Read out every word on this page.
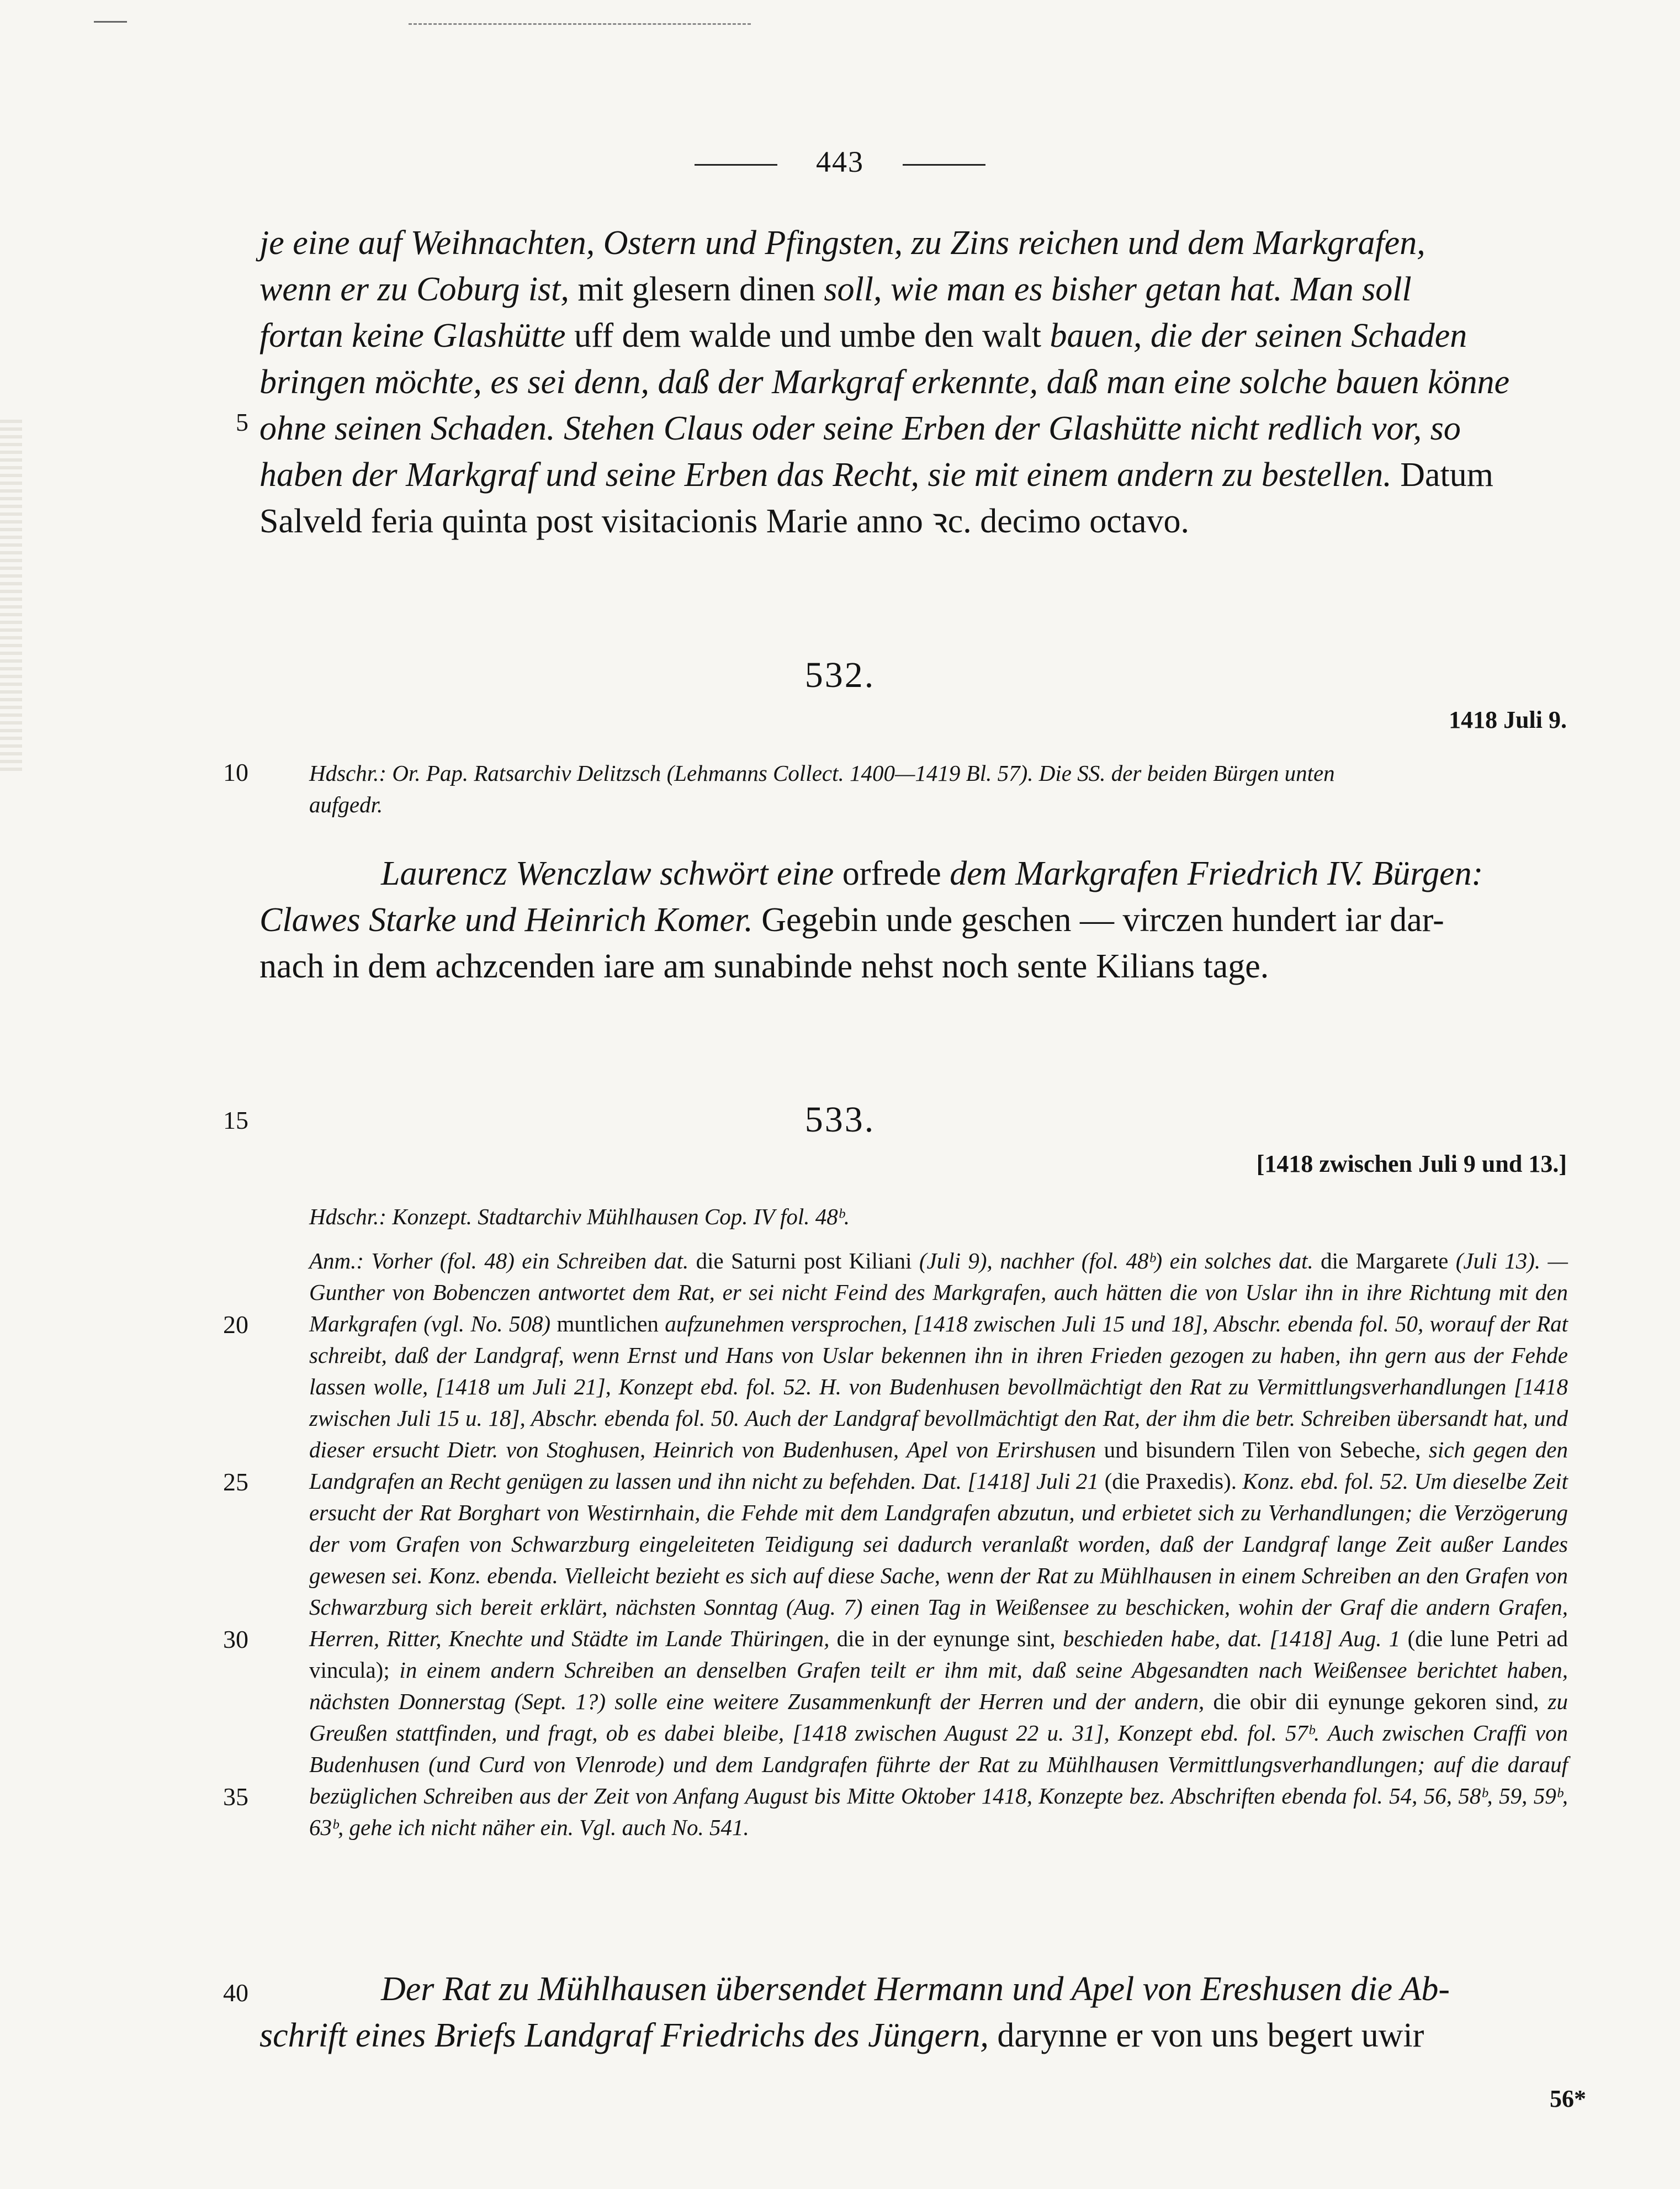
443
je eine auf Weihnachten, Ostern und Pfingsten, zu Zins reichen und dem Markgrafen,
wenn er zu Coburg ist, mit glesern dinen soll, wie man es bisher getan hat. Man soll
fortan keine Glashütte uff dem walde und umbe den walt bauen, die der seinen Schaden
bringen möchte, es sei denn, daß der Markgraf erkennte, daß man eine solche bauen könne
ohne seinen Schaden. Stehen Claus oder seine Erben der Glashütte nicht redlich vor, so
haben der Markgraf und seine Erben das Recht, sie mit einem andern zu bestellen. Datum
Salveld feria quinta post visitacionis Marie anno ꝛc. decimo octavo.
5
10
15
20
25
30
35
40
532.
1418 Juli 9.
Hdschr.: Or. Pap. Ratsarchiv Delitzsch (Lehmanns Collect. 1400—1419 Bl. 57). Die SS. der beiden Bürgen unten
aufgedr.
Laurencz Wenczlaw schwört eine orfrede dem Markgrafen Friedrich IV. Bürgen:
Clawes Starke und Heinrich Komer. Gegebin unde geschen — virczen hundert iar dar-
nach in dem achzcenden iare am sunabinde nehst noch sente Kilians tage.
533.
[1418 zwischen Juli 9 und 13.]
Hdschr.: Konzept. Stadtarchiv Mühlhausen Cop. IV fol. 48ᵇ.
Anm.: Vorher (fol. 48) ein Schreiben dat. die Saturni post Kiliani (Juli 9), nachher (fol. 48ᵇ) ein solches dat. die Margarete (Juli 13). — Gunther von Bobenczen antwortet dem Rat, er sei nicht Feind des Markgrafen, auch hätten die von Uslar ihn in ihre Richtung mit den Markgrafen (vgl. No. 508) muntlichen aufzunehmen versprochen, [1418 zwischen Juli 15 und 18], Abschr. ebenda fol. 50, worauf der Rat schreibt, daß der Landgraf, wenn Ernst und Hans von Uslar bekennen ihn in ihren Frieden gezogen zu haben, ihn gern aus der Fehde lassen wolle, [1418 um Juli 21], Konzept ebd. fol. 52. H. von Budenhusen bevollmächtigt den Rat zu Vermittlungsverhandlungen [1418 zwischen Juli 15 u. 18], Abschr. ebenda fol. 50. Auch der Landgraf bevollmächtigt den Rat, der ihm die betr. Schreiben übersandt hat, und dieser ersucht Dietr. von Stoghusen, Heinrich von Budenhusen, Apel von Erirshusen und bisundern Tilen von Sebeche, sich gegen den Landgrafen an Recht genügen zu lassen und ihn nicht zu befehden. Dat. [1418] Juli 21 (die Praxedis). Konz. ebd. fol. 52. Um dieselbe Zeit ersucht der Rat Borghart von Westirnhain, die Fehde mit dem Landgrafen abzutun, und erbietet sich zu Verhandlungen; die Verzögerung der vom Grafen von Schwarzburg eingeleiteten Teidigung sei dadurch veranlaßt worden, daß der Landgraf lange Zeit außer Landes gewesen sei. Konz. ebenda. Vielleicht bezieht es sich auf diese Sache, wenn der Rat zu Mühlhausen in einem Schreiben an den Grafen von Schwarzburg sich bereit erklärt, nächsten Sonntag (Aug. 7) einen Tag in Weißensee zu beschicken, wohin der Graf die andern Grafen, Herren, Ritter, Knechte und Städte im Lande Thüringen, die in der eynunge sint, beschieden habe, dat. [1418] Aug. 1 (die lune Petri ad vincula); in einem andern Schreiben an denselben Grafen teilt er ihm mit, daß seine Abgesandten nach Weißensee berichtet haben, nächsten Donnerstag (Sept. 1?) solle eine weitere Zusammenkunft der Herren und der andern, die obir dii eynunge gekoren sind, zu Greußen stattfinden, und fragt, ob es dabei bleibe, [1418 zwischen August 22 u. 31], Konzept ebd. fol. 57ᵇ. Auch zwischen Craffi von Budenhusen (und Curd von Vlenrode) und dem Landgrafen führte der Rat zu Mühlhausen Vermittlungsverhandlungen; auf die darauf bezüglichen Schreiben aus der Zeit von Anfang August bis Mitte Oktober 1418, Konzepte bez. Abschriften ebenda fol. 54, 56, 58ᵇ, 59, 59ᵇ, 63ᵇ, gehe ich nicht näher ein. Vgl. auch No. 541.
Der Rat zu Mühlhausen übersendet Hermann und Apel von Ereshusen die Ab-
schrift eines Briefs Landgraf Friedrichs des Jüngern, darynne er von uns begert uwir
56*
